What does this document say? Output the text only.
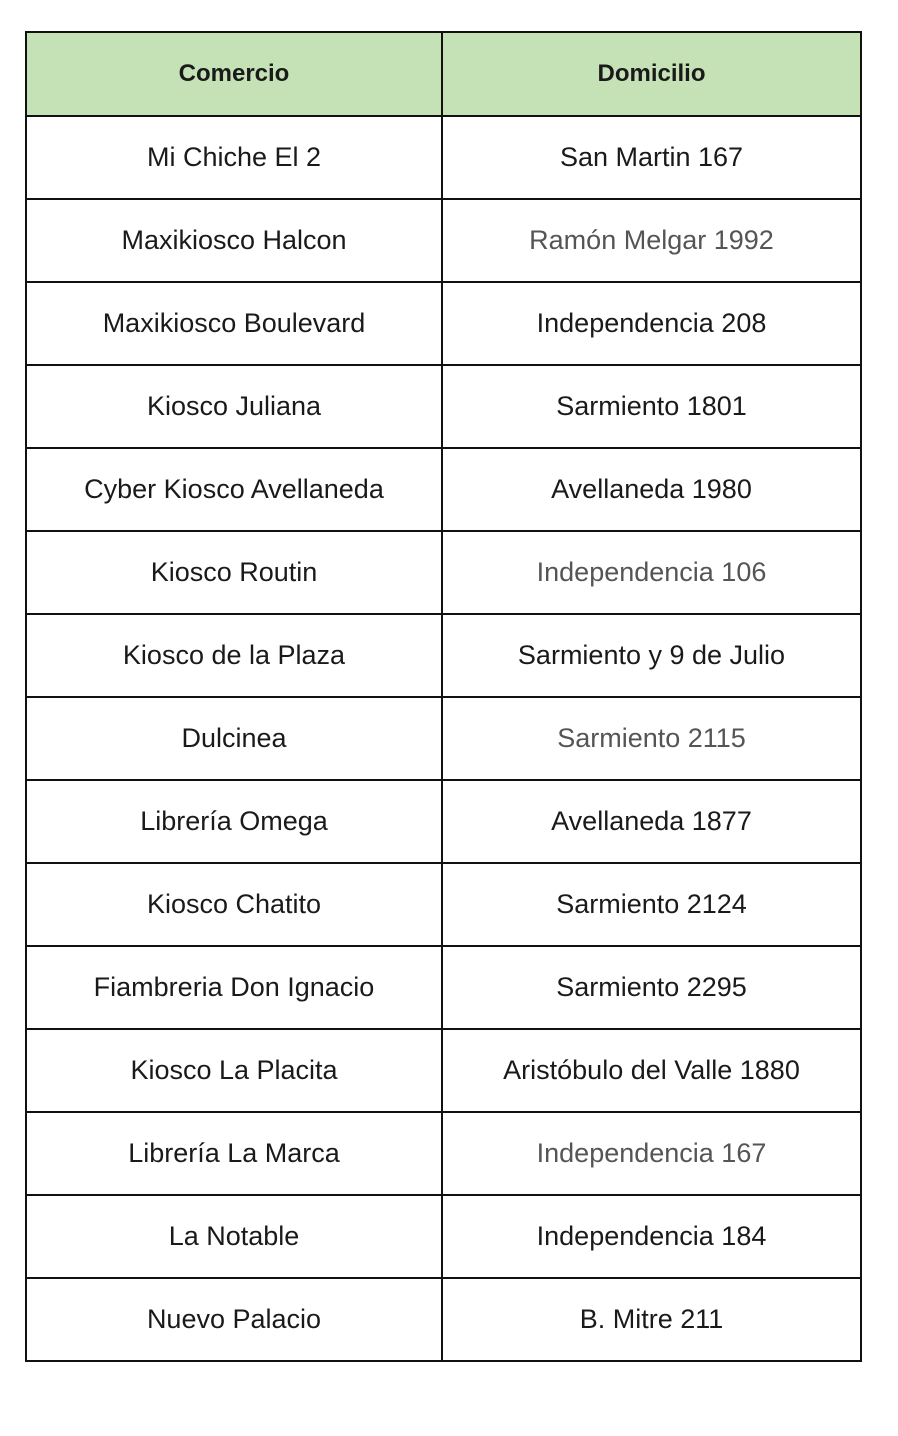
Comercio	Domicilio
Mi Chiche El 2	San Martin 167
Maxikiosco Halcon	Ramón Melgar 1992
Maxikiosco Boulevard	Independencia 208
Kiosco Juliana	Sarmiento 1801
Cyber Kiosco Avellaneda	Avellaneda 1980
Kiosco Routin	Independencia 106
Kiosco de la Plaza	Sarmiento y 9 de Julio
Dulcinea	Sarmiento 2115
Librería Omega	Avellaneda 1877
Kiosco Chatito	Sarmiento 2124
Fiambreria Don Ignacio	Sarmiento 2295
Kiosco La Placita	Aristóbulo del Valle 1880
Librería La Marca	Independencia 167
La Notable	Independencia 184
Nuevo Palacio	B. Mitre 211
